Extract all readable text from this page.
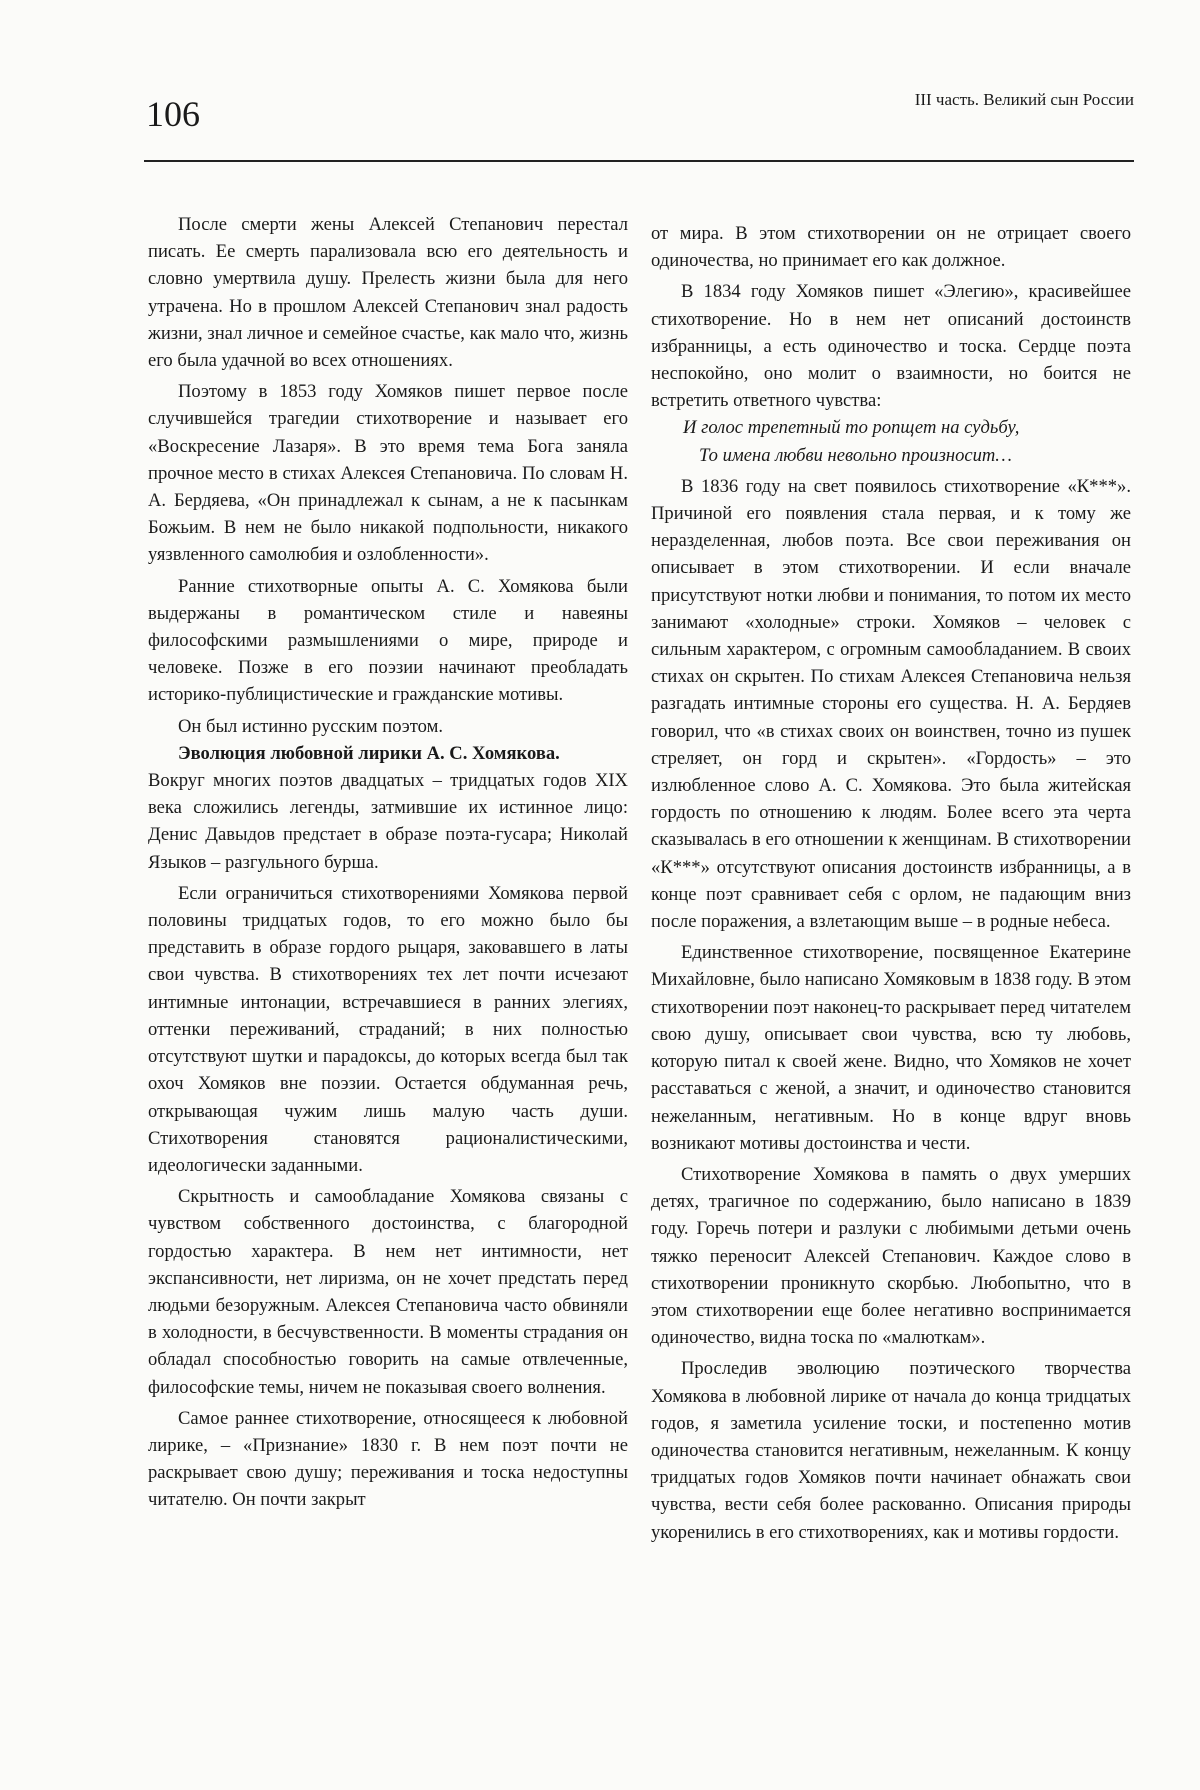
106	III часть. Великий сын России

После смерти жены Алексей Степанович перестал писать. Ее смерть парализовала всю его деятельность и словно умертвила душу. Прелесть жизни была для него утрачена. Но в прошлом Алексей Степанович знал радость жизни, знал личное и семейное счастье, как мало что, жизнь его была удачной во всех отношениях.

Поэтому в 1853 году Хомяков пишет первое после случившейся трагедии стихотворение и называет его «Воскресение Лазаря». В это время тема Бога заняла прочное место в стихах Алексея Степановича. По словам Н. А. Бердяева, «Он принадлежал к сынам, а не к пасынкам Божьим. В нем не было никакой подпольности, никакого уязвленного самолюбия и озлобленности».

Ранние стихотворные опыты А. С. Хомякова были выдержаны в романтическом стиле и навеяны философскими размышлениями о мире, природе и человеке. Позже в его поэзии начинают преобладать историко-публицистические и гражданские мотивы.

Он был истинно русским поэтом.

Эволюция любовной лирики А. С. Хомякова.

Вокруг многих поэтов двадцатых – тридцатых годов XIX века сложились легенды, затмившие их истинное лицо: Денис Давыдов предстает в образе поэта-гусара; Николай Языков – разгульного бурша.

Если ограничиться стихотворениями Хомякова первой половины тридцатых годов, то его можно было бы представить в образе гордого рыцаря, заковавшего в латы свои чувства. В стихотворениях тех лет почти исчезают интимные интонации, встречавшиеся в ранних элегиях, оттенки переживаний, страданий; в них полностью отсутствуют шутки и парадоксы, до которых всегда был так охоч Хомяков вне поэзии. Остается обдуманная речь, открывающая чужим лишь малую часть души. Стихотворения становятся рационалистическими, идеологически заданными.

Скрытность и самообладание Хомякова связаны с чувством собственного достоинства, с благородной гордостью характера. В нем нет интимности, нет экспансивности, нет лиризма, он не хочет предстать перед людьми безоружным. Алексея Степановича часто обвиняли в холодности, в бесчувственности. В моменты страдания он обладал способностью говорить на самые отвлеченные, философские темы, ничем не показывая своего волнения.

Самое раннее стихотворение, относящееся к любовной лирике, – «Признание» 1830 г. В нем поэт почти не раскрывает свою душу; переживания и тоска недоступны читателю. Он почти закрыт

от мира. В этом стихотворении он не отрицает своего одиночества, но принимает его как должное.

В 1834 году Хомяков пишет «Элегию», красивейшее стихотворение. Но в нем нет описаний достоинств избранницы, а есть одиночество и тоска. Сердце поэта неспокойно, оно молит о взаимности, но боится не встретить ответного чувства:

И голос трепетный то ропщет на судьбу,
То имена любви невольно произносит…

В 1836 году на свет появилось стихотворение «К***». Причиной его появления стала первая, и к тому же неразделенная, любов поэта. Все свои переживания он описывает в этом стихотворении. И если вначале присутствуют нотки любви и понимания, то потом их место занимают «холодные» строки. Хомяков – человек с сильным характером, с огромным самообладанием. В своих стихах он скрытен. По стихам Алексея Степановича нельзя разгадать интимные стороны его существа. Н. А. Бердяев говорил, что «в стихах своих он воинствен, точно из пушек стреляет, он горд и скрытен». «Гордость» – это излюбленное слово А. С. Хомякова. Это была житейская гордость по отношению к людям. Более всего эта черта сказывалась в его отношении к женщинам. В стихотворении «К***» отсутствуют описания достоинств избранницы, а в конце поэт сравнивает себя с орлом, не падающим вниз после поражения, а взлетающим выше – в родные небеса.

Единственное стихотворение, посвященное Екатерине Михайловне, было написано Хомяковым в 1838 году. В этом стихотворении поэт наконец-то раскрывает перед читателем свою душу, описывает свои чувства, всю ту любовь, которую питал к своей жене. Видно, что Хомяков не хочет расставаться с женой, а значит, и одиночество становится нежеланным, негативным. Но в конце вдруг вновь возникают мотивы достоинства и чести.

Стихотворение Хомякова в память о двух умерших детях, трагичное по содержанию, было написано в 1839 году. Горечь потери и разлуки с любимыми детьми очень тяжко переносит Алексей Степанович. Каждое слово в стихотворении проникнуто скорбью. Любопытно, что в этом стихотворении еще более негативно воспринимается одиночество, видна тоска по «малюткам».

Проследив эволюцию поэтического творчества Хомякова в любовной лирике от начала до конца тридцатых годов, я заметила усиление тоски, и постепенно мотив одиночества становится негативным, нежеланным. К концу тридцатых годов Хомяков почти начинает обнажать свои чувства, вести себя более раскованно. Описания природы укоренились в его стихотворениях, как и мотивы гордости.
